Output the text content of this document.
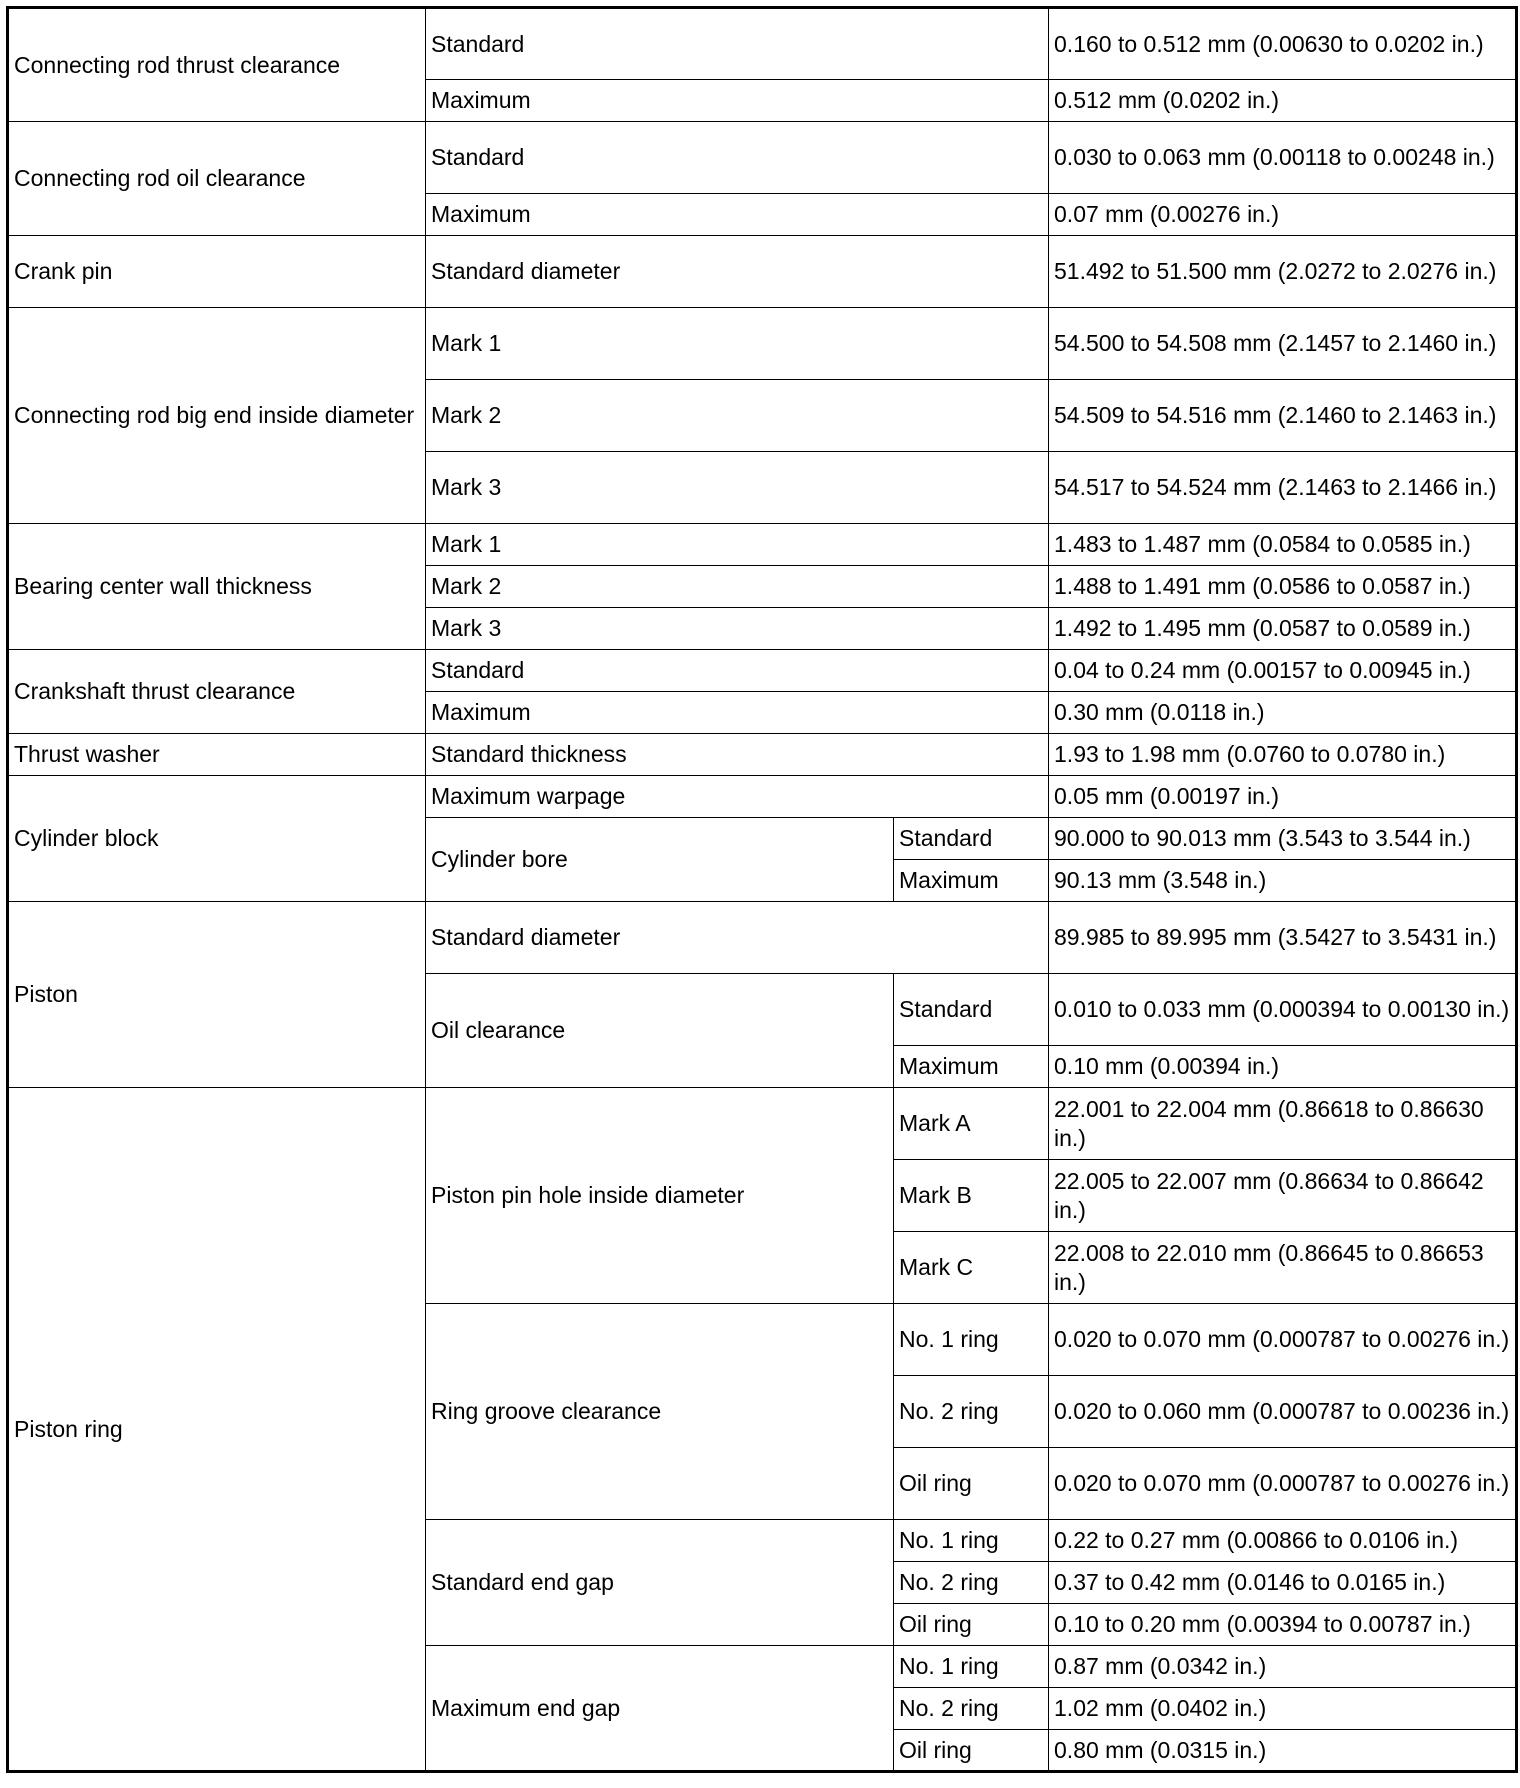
Connecting rod thrust clearance	Standard		0.160 to 0.512 mm (0.00630 to 0.0202 in.)
	Maximum		0.512 mm (0.0202 in.)
Connecting rod oil clearance	Standard		0.030 to 0.063 mm (0.00118 to 0.00248 in.)
	Maximum		0.07 mm (0.00276 in.)
Crank pin	Standard diameter		51.492 to 51.500 mm (2.0272 to 2.0276 in.)
Connecting rod big end inside diameter	Mark 1		54.500 to 54.508 mm (2.1457 to 2.1460 in.)
	Mark 2		54.509 to 54.516 mm (2.1460 to 2.1463 in.)
	Mark 3		54.517 to 54.524 mm (2.1463 to 2.1466 in.)
Bearing center wall thickness	Mark 1		1.483 to 1.487 mm (0.0584 to 0.0585 in.)
	Mark 2		1.488 to 1.491 mm (0.0586 to 0.0587 in.)
	Mark 3		1.492 to 1.495 mm (0.0587 to 0.0589 in.)
Crankshaft thrust clearance	Standard		0.04 to 0.24 mm (0.00157 to 0.00945 in.)
	Maximum		0.30 mm (0.0118 in.)
Thrust washer	Standard thickness		1.93 to 1.98 mm (0.0760 to 0.0780 in.)
Cylinder block	Maximum warpage		0.05 mm (0.00197 in.)
	Cylinder bore	Standard	90.000 to 90.013 mm (3.543 to 3.544 in.)
		Maximum	90.13 mm (3.548 in.)
Piston	Standard diameter		89.985 to 89.995 mm (3.5427 to 3.5431 in.)
	Oil clearance	Standard	0.010 to 0.033 mm (0.000394 to 0.00130 in.)
		Maximum	0.10 mm (0.00394 in.)
Piston ring	Piston pin hole inside diameter	Mark A	22.001 to 22.004 mm (0.86618 to 0.86630 in.)
		Mark B	22.005 to 22.007 mm (0.86634 to 0.86642 in.)
		Mark C	22.008 to 22.010 mm (0.86645 to 0.86653 in.)
	Ring groove clearance	No. 1 ring	0.020 to 0.070 mm (0.000787 to 0.00276 in.)
		No. 2 ring	0.020 to 0.060 mm (0.000787 to 0.00236 in.)
		Oil ring	0.020 to 0.070 mm (0.000787 to 0.00276 in.)
	Standard end gap	No. 1 ring	0.22 to 0.27 mm (0.00866 to 0.0106 in.)
		No. 2 ring	0.37 to 0.42 mm (0.0146 to 0.0165 in.)
		Oil ring	0.10 to 0.20 mm (0.00394 to 0.00787 in.)
	Maximum end gap	No. 1 ring	0.87 mm (0.0342 in.)
		No. 2 ring	1.02 mm (0.0402 in.)
		Oil ring	0.80 mm (0.0315 in.)
